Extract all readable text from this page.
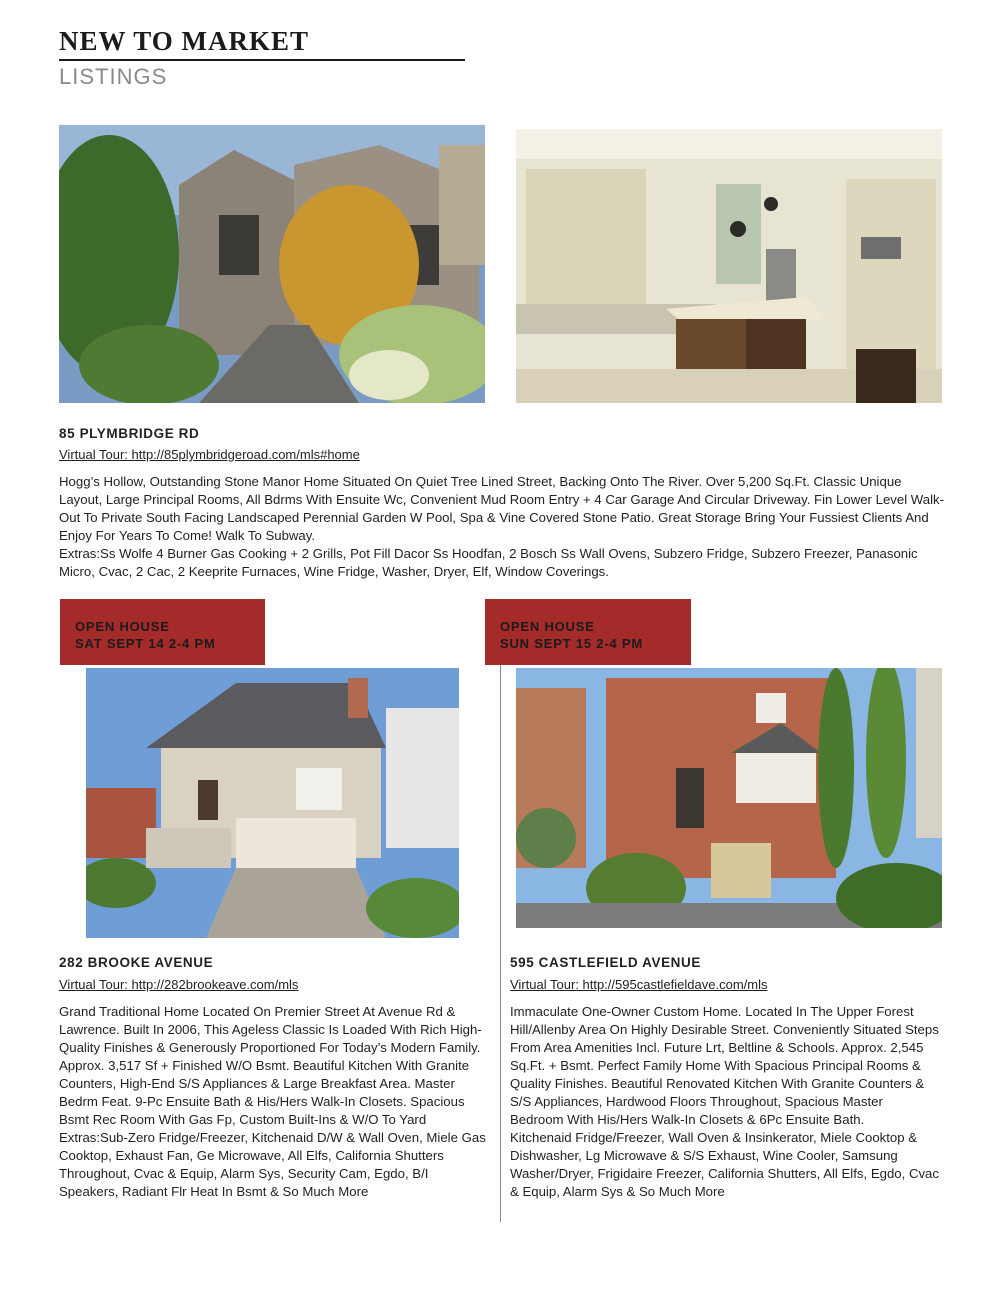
NEW TO MARKET
LISTINGS
85 PLYMBRIDGE RD
Virtual Tour: http://85plymbridgeroad.com/mls#home

Hogg’s Hollow, Outstanding Stone Manor Home Situated On Quiet Tree Lined Street, Backing Onto The River. Over 5,200 Sq.Ft. Classic Unique Layout, Large Principal Rooms, All Bdrms With Ensuite Wc, Convenient Mud Room Entry + 4 Car Garage And Circular Driveway. Fin Lower Level Walk-Out To Private South Facing Landscaped Perennial Garden W Pool, Spa & Vine Covered Stone Patio. Great Storage Bring Your Fussiest Clients And Enjoy For Years To Come! Walk To Subway.

Extras:Ss Wolfe 4 Burner Gas Cooking + 2 Grills, Pot Fill Dacor Ss Hoodfan, 2 Bosch Ss Wall Ovens, Subzero Fridge, Subzero Freezer, Panasonic Micro, Cvac, 2 Cac, 2 Keeprite Furnaces, Wine Fridge, Washer, Dryer, Elf, Window Coverings.

OPEN HOUSE
SAT SEPT 14 2-4 PM
282 BROOKE AVENUE
Virtual Tour: http://282brookeave.com/mls

Grand Traditional Home Located On Premier Street At Avenue Rd & Lawrence. Built In 2006, This Ageless Classic Is Loaded With Rich High-Quality Finishes & Generously Proportioned For Today’s Modern Family. Approx. 3,517 Sf + Finished W/O Bsmt. Beautiful Kitchen With Granite Counters, High-End S/S Appliances & Large Breakfast Area. Master Bedrm Feat. 9-Pc Ensuite Bath & His/Hers Walk-In Closets. Spacious Bsmt Rec Room With Gas Fp, Custom Built-Ins & W/O To Yard

Extras:Sub-Zero Fridge/Freezer, Kitchenaid D/W & Wall Oven, Miele Gas Cooktop, Exhaust Fan, Ge Microwave, All Elfs, California Shutters Throughout, Cvac & Equip, Alarm Sys, Security Cam, Egdo, B/I Speakers, Radiant Flr Heat In Bsmt & So Much More

OPEN HOUSE
SUN SEPT 15 2-4 PM
595 CASTLEFIELD AVENUE
Virtual Tour: http://595castlefieldave.com/mls

Immaculate One-Owner Custom Home. Located In The Upper Forest Hill/Allenby Area On Highly Desirable Street. Conveniently Situated Steps From Area Amenities Incl. Future Lrt, Beltline & Schools. Approx. 2,545 Sq.Ft. + Bsmt. Perfect Family Home With Spacious Principal Rooms & Quality Finishes. Beautiful Renovated Kitchen With Granite Counters & S/S Appliances, Hardwood Floors Throughout, Spacious Master Bedroom With His/Hers Walk-In Closets & 6Pc Ensuite Bath.

Kitchenaid Fridge/Freezer, Wall Oven & Insinkerator, Miele Cooktop & Dishwasher, Lg Microwave & S/S Exhaust, Wine Cooler, Samsung Washer/Dryer, Frigidaire Freezer, California Shutters, All Elfs, Egdo, Cvac & Equip, Alarm Sys & So Much More
